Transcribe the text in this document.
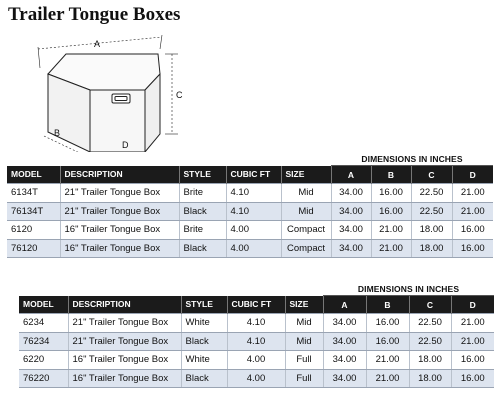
Trailer Tongue Boxes
A
C
B
D
					DIMENSIONS IN INCHES			
MODEL	DESCRIPTION	STYLE	CUBIC FT	SIZE	A	B	C	D
6134T	21" Trailer Tongue Box	Brite	4.10	Mid	34.00	16.00	22.50	21.00
76134T	21" Trailer Tongue Box	Black	4.10	Mid	34.00	16.00	22.50	21.00
6120	16" Trailer Tongue Box	Brite	4.00	Compact	34.00	21.00	18.00	16.00
76120	16" Trailer Tongue Box	Black	4.00	Compact	34.00	21.00	18.00	16.00
					DIMENSIONS IN INCHES			
MODEL	DESCRIPTION	STYLE	CUBIC FT	SIZE	A	B	C	D
6234	21" Trailer Tongue Box	White	4.10	Mid	34.00	16.00	22.50	21.00
76234	21" Trailer Tongue Box	Black	4.10	Mid	34.00	16.00	22.50	21.00
6220	16" Trailer Tongue Box	White	4.00	Full	34.00	21.00	18.00	16.00
76220	16" Trailer Tongue Box	Black	4.00	Full	34.00	21.00	18.00	16.00
